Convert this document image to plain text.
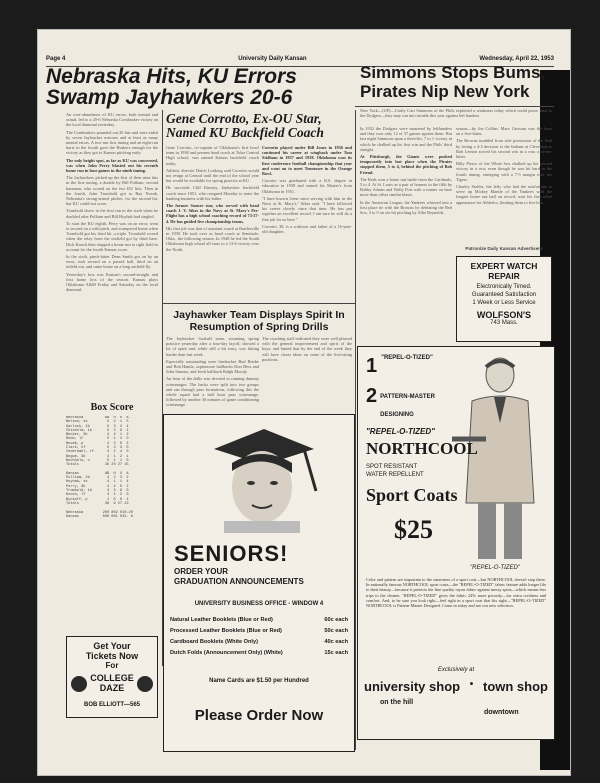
Page 4	University Daily Kansan	Wednesday, April 22, 1953
Nebraska Hits, KU Errors Swamp Jayhawkers 20-6

An over-abundance of KU errors, both mental and actual, led to a 20-6 Nebraska Cornhusker victory on the local diamond yesterday.

The Cornhuskers pounded out 20 hits and were aided by seven Jayhawker miscues and at least as many mental errors. A two-run first inning and an eight-run burst in the fourth gave the Huskers enough for the victory as they got to Kansas pitching early.

The only bright spot, as far as KU was concerned, was when John Perry blasted out his seventh home run in four games in the ninth inning.

The Jayhawkers picked up the first of their nine hits in the first inning, a double by Bill Pulliam, second baseman, who scored on the two KU hits. Then in the fourth, John Trombold got to Ray Novak, Nebraska's strong-armed pitcher, for the second hit, but KU could not score.

Trombold drove in the first run in the sixth when he doubled after Pulliam and Bill Hoyhab had singled.

To start the KU eighth, Perry was on an error, went to second on a wild pitch, and scampered home when Trombold got his third hit, a triple. Trombold scored when the relay from the outfield got by third base. Dick Knoch then slapped a home run to right field to account for the fourth Kansas score.

In the sixth, pinch-hitter Dean Smith got on by an error, took second on a passed ball, third on an infield out, and came home on a long outfield fly.

Yesterday's loss was Kansas's second-straight and first home loss of the season. Kansas plays Oklahoma A&M Friday and Saturday on the local diamond.

Box Score
Nebraska          AB  H  O  A
Nelson, ss         5  2  1  5
Garlock, 2b        5  3  2  4
Chisholm, 1b       5  2  9  1
Becker, 3b         4  2  1  2
Robb, lf           5  1  4  0
Novak, p           4  2  0  2
Clark, cf          5  3  3  0
Cederdahl, rf      4  2  4  0
Bogue, 3b          4  1  2  1
Buchhols, c        5  1  1  0
Totals            46 20 27 15

Kansas            AB  H  O  A
Pulliam, 2b        4  2  3  2
Hoyhab, ss         4  1  1  4
Perry, 3b          4  2  0  2
Trombold, 1b       4  3  8  0
Knoch, lf          4  1  2  0
Wyckoff, p         1  0  0  1
Totals            38  9 27 13

Nebraska         200 802 010-20
Kansas           000 001 032- 6
Get Your
Tickets Now
For
COLLEGE
DAZE
BOB ELLIOTT—565
Gene Corrotto, Ex-OU Star, Named KU Backfield Coach

Gene Corrotto, co-captain of Oklahoma's first bowl team in 1938 and present head coach at Tulsa Central High school, was named Kansas backfield coach today.

Athletic director Dutch Lonborg said Corrotto would not resign at Central until the end of the school year but would be available for spring practice at KU.

He succeeds Cliff Kimsey, Jayhawker backfield coach since 1951, who resigned Monday to enter the banking business with his father.

The former Sooner star, who served with head coach J. V. Sikes in the Navy at St. Mary's Pre-Flight has a high school coaching record of 73-27-4. He has guided five championship teams.

His first job was that of assistant coach at Bartlesville in 1939. He took over as head coach at Seminole, Okla., the following season. In 1948 he led the South Oklahoma high school all-stars to a 13-6 victory over the North.

Corrotto played under Bill Jones in 1936 and continued his career at wingback under Tom Stidham in 1937 and 1938. Oklahoma won its first conference football championship that year and went on to meet Tennessee in the Orange Bowl.

Corrotto was graduated with a B.S. degree in education in 1939 and earned his Master's from Oklahoma in 1951.

"I have known Gene since serving with him in the Navy at St. Mary's," Sikes said. "I have followed his career closely since that time. He has put together an excellent record. I am sure he will do a fine job for us here."

Corrotto, 38, is a widower and father of a 16-year-old daughter.

Jayhawker Team Displays Spirit In Resumption of Spring Drills

The Jayhawker football team, resuming spring practice yesterday after a four-day layoff, showed a lot of spirit and, while still a bit rusty, was hitting harder than last week.

Especially outstanding were linebacker Bud Rieder and Bob Hantla, sophomore halfbacks Don Hess and John Simons, and fresh halfback Ralph Moody.

An hour of the drills was devoted to running dummy scrimmages. The backs were split into two groups and ran through pass formations, following this the whole squad had a half hour pass scrimmage, followed by another 30 minutes of game conditioning scrimmage.

The coaching staff indicated they were well pleased with the general improvement and spirit of the boys, and hinted that by the end of the week they will have closer ideas on some of the first-string positions.

SENIORS!
ORDER YOUR
GRADUATION ANNOUNCEMENTS
UNIVERSITY BUSINESS OFFICE - WINDOW 4
Natural Leather Booklets (Blue or Red)	60c each
Processed Leather Booklets (Blue or Red)	50c each
Cardboard Booklets (White Only)	40c each
Dutch Folds (Announcement Only) (White)	15c each
Name Cards are $1.50 per Hundred
Please Order Now
Simmons Stops Bums, Pirates Nip New York
New York—(UP)—Crafty Curt Simmons of the Phils exploited a weakness today which could prove fatal to the Dodgers—they may run into trouble this year against left handers.

In 1952 the Dodgers were mastered by lefthanders and they won only 12 of 37 games against them. But last night Simmons spun a three-hit, 7 to 1 victory in which he chalked up his first win and the Phils' third straight.

At Pittsburgh, the Giants were pushed temporarily into last place when the Pirates stopped them, 5 to 4, behind the pitching of Bob Friend.

The Reds won a home run battle from the Cardinals, 5 to 4. At St. Louis as a pair of homers in the fifth by Bobby Adams and Wally Post with a runner on base more than offset similar blasts.

In the American League, the Yankees whizzed into a first place tie with the Browns by defeating the Red Sox, 3 to 0 on six-hit pitching by Allie Reynolds.

season—by Joe Collins. Marv Grissom was the loser on a five-hitter.

The Browns tumbled from sole possession of the lead by losing a 4-3 decision to the Indians at Cleveland as Bob Lemon scored his second win in a row, a seven-hitter.

Billy Pierce of the White Sox chalked up his second victory in a row, even though he was hit hard in the fourth inning, emerging with a 7-5 margin over the Tigers.

Charley Stobbs, the lefty who had the misfortune to serve up Mickey Mantle of the Yankees with the longest home run ball on record, won his first relief appearance for Athletics, limiting them to five hits.

Patronize Daily Kansan Advertisers
EXPERT WATCH REPAIR
Electronically Timed.
Guaranteed Satisfaction
1 Week or Less Service
WOLFSON'S
743 Mass.
1 $^{"REPEL-O-TIZED"}$
2 PATTERN-MASTER DESIGNING
"REPEL-O-TIZED"
NORTHCOOL
SPOT RESISTANT
WATER REPELLENT
Sport Coats
$25
"REPEL-O-TIZED"
Color and pattern are important to the smartness of a sport coat—but NORTHCOOL doesn't stop there. In nationally famous NORTHCOOL sport coats—the "REPEL-O-TIZED" fabric feature adds longer life to their beauty—because it protects the fine quality rayon fabric against messy spots—which means less trips to the cleaner. "REPEL-O-TIZED" gives the fabric 24% more porosity—for extra coolness and comfort. And, to be sure you look right—feel right in a sport coat that fits right—"REPEL-O-TIZED" NORTHCOOL is Pattern-Master Designed. Come in today and see our new selection.
Exclusively at
university shop • town shop
on the hill
downtown
